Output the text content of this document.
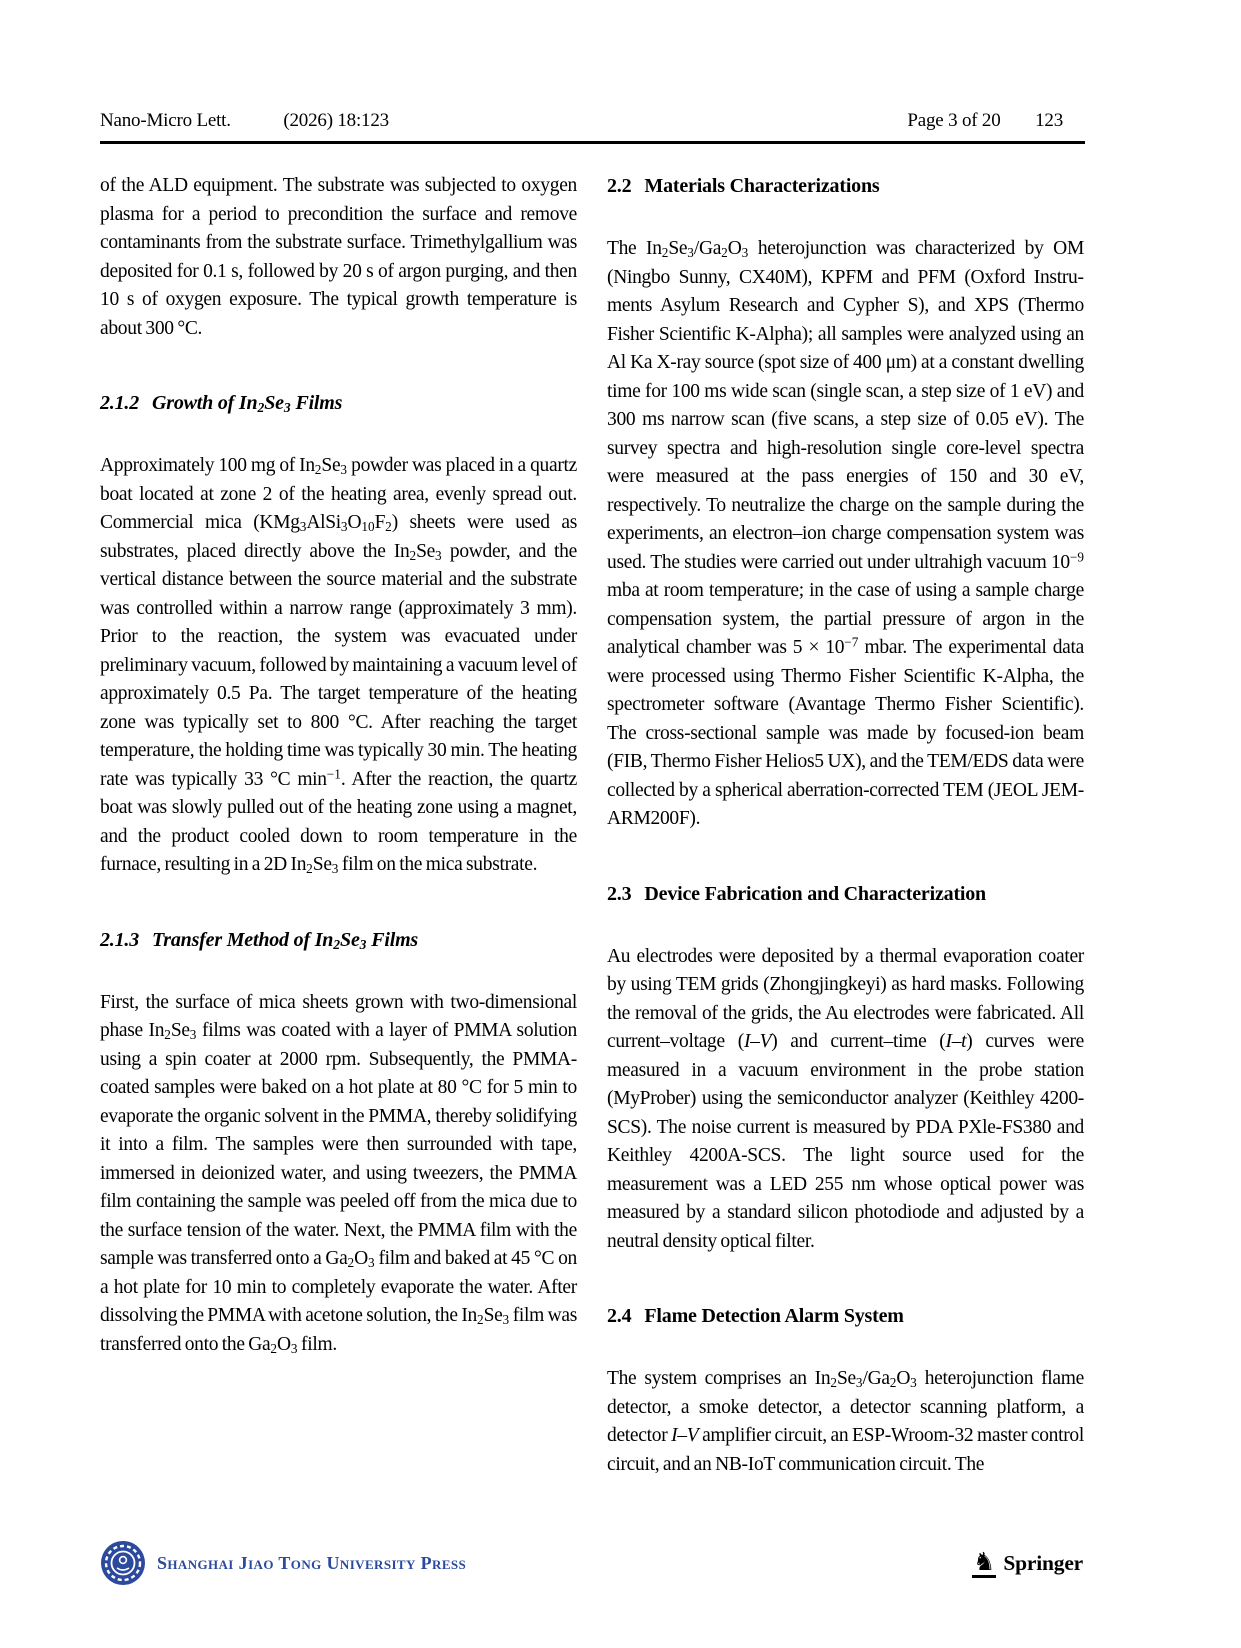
Nano-Micro Lett.	(2026) 18:123	Page 3 of 20 123

of the ALD equipment. The substrate was subjected to oxygen plasma for a period to precondition the surface and remove contaminants from the substrate surface. Trimethylgallium was deposited for 0.1 s, followed by 20 s of argon purging, and then 10 s of oxygen exposure. The typical growth temperature is about 300 °C.

2.1.2 Growth of $In_2Se_3$ Films

Approximately 100 mg of $In_2Se_3$ powder was placed in a quartz boat located at zone 2 of the heating area, evenly spread out. Commercial mica $(KMg_3AlSi_3O_{10}F_2)$ sheets were used as substrates, placed directly above the $In_2Se_3$ powder, and the vertical distance between the source material and the substrate was controlled within a narrow range (approximately 3 mm). Prior to the reaction, the system was evacuated under preliminary vacuum, followed by maintaining a vacuum level of approximately 0.5 Pa. The target temperature of the heating zone was typically set to 800 °C. After reaching the target temperature, the holding time was typically 30 min. The heating rate was typically 33 °C $\min^{-1}$. After the reaction, the quartz boat was slowly pulled out of the heating zone using a magnet, and the product cooled down to room temperature in the furnace, resulting in a 2D $In_2Se_3$ film on the mica substrate.

2.1.3 Transfer Method of $In_2Se_3$ Films

First, the surface of mica sheets grown with two-dimensional phase $In_2Se_3$ films was coated with a layer of PMMA solution using a spin coater at 2000 rpm. Subsequently, the PMMA-coated samples were baked on a hot plate at 80 °C for 5 min to evaporate the organic solvent in the PMMA, thereby solidifying it into a film. The samples were then surrounded with tape, immersed in deionized water, and using tweezers, the PMMA film containing the sample was peeled off from the mica due to the surface tension of the water. Next, the PMMA film with the sample was transferred onto a $Ga_2O_3$ film and baked at 45 °C on a hot plate for 10 min to completely evaporate the water. After dissolving the PMMA with acetone solution, the $In_2Se_3$ film was transferred onto the $Ga_2O_3$ film.

2.2 Materials Characterizations

The $In_2Se_3/Ga_2O_3$ heterojunction was characterized by OM (Ningbo Sunny, CX40M), KPFM and PFM (Oxford Instruments Asylum Research and Cypher S), and XPS (Thermo Fisher Scientific K-Alpha); all samples were analyzed using an Al Ka X-ray source (spot size of 400 μm) at a constant dwelling time for 100 ms wide scan (single scan, a step size of 1 eV) and 300 ms narrow scan (five scans, a step size of 0.05 eV). The survey spectra and high-resolution single core-level spectra were measured at the pass energies of 150 and 30 eV, respectively. To neutralize the charge on the sample during the experiments, an electron–ion charge compensation system was used. The studies were carried out under ultrahigh vacuum $10^{-9}$ mba at room temperature; in the case of using a sample charge compensation system, the partial pressure of argon in the analytical chamber was $5 \times 10^{-7}$ mbar. The experimental data were processed using Thermo Fisher Scientific K-Alpha, the spectrometer software (Avantage Thermo Fisher Scientific). The cross-sectional sample was made by focused-ion beam (FIB, Thermo Fisher Helios5 UX), and the TEM/EDS data were collected by a spherical aberration-corrected TEM (JEOL JEM-ARM200F).

2.3 Device Fabrication and Characterization

Au electrodes were deposited by a thermal evaporation coater by using TEM grids (Zhongjingkeyi) as hard masks. Following the removal of the grids, the Au electrodes were fabricated. All current–voltage (I–V) and current–time (I–t) curves were measured in a vacuum environment in the probe station (MyProber) using the semiconductor analyzer (Keithley 4200-SCS). The noise current is measured by PDA PXle-FS380 and Keithley 4200A-SCS. The light source used for the measurement was a LED 255 nm whose optical power was measured by a standard silicon photodiode and adjusted by a neutral density optical filter.

2.4 Flame Detection Alarm System

The system comprises an $In_2Se_3/Ga_2O_3$ heterojunction flame detector, a smoke detector, a detector scanning platform, a detector I–V amplifier circuit, an ESP-Wroom-32 master control circuit, and an NB-IoT communication circuit. The

Shanghai Jiao Tong University Press	♞ Springer
